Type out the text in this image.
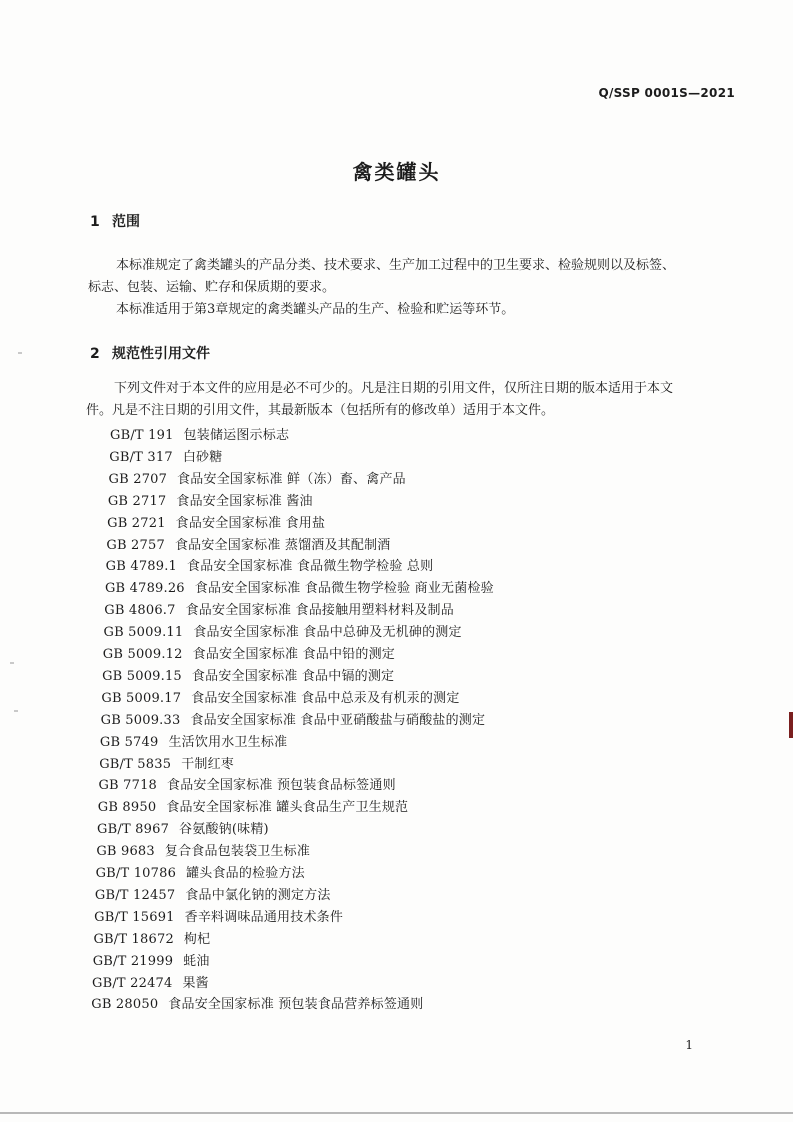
Q/SSP 0001S—2021
禽类罐头
1 范围
本标准规定了禽类罐头的产品分类、技术要求、生产加工过程中的卫生要求、检验规则以及标签、
标志、包装、运输、贮存和保质期的要求。
本标准适用于第3章规定的禽类罐头产品的生产、检验和贮运等环节。
2 规范性引用文件
下列文件对于本文件的应用是必不可少的。凡是注日期的引用文件，仅所注日期的版本适用于本文
件。凡是不注日期的引用文件，其最新版本（包括所有的修改单）适用于本文件。
GB/T 191 包装储运图示标志
GB/T 317 白砂糖
GB 2707 食品安全国家标准 鲜（冻）畜、禽产品
GB 2717 食品安全国家标准 酱油
GB 2721 食品安全国家标准 食用盐
GB 2757 食品安全国家标准 蒸馏酒及其配制酒
GB 4789.1 食品安全国家标准 食品微生物学检验 总则
GB 4789.26 食品安全国家标准 食品微生物学检验 商业无菌检验
GB 4806.7 食品安全国家标准 食品接触用塑料材料及制品
GB 5009.11 食品安全国家标准 食品中总砷及无机砷的测定
GB 5009.12 食品安全国家标准 食品中铅的测定
GB 5009.15 食品安全国家标准 食品中镉的测定
GB 5009.17 食品安全国家标准 食品中总汞及有机汞的测定
GB 5009.33 食品安全国家标准 食品中亚硝酸盐与硝酸盐的测定
GB 5749 生活饮用水卫生标准
GB/T 5835 干制红枣
GB 7718 食品安全国家标准 预包装食品标签通则
GB 8950 食品安全国家标准 罐头食品生产卫生规范
GB/T 8967 谷氨酸钠(味精)
GB 9683 复合食品包装袋卫生标准
GB/T 10786 罐头食品的检验方法
GB/T 12457 食品中氯化钠的测定方法
GB/T 15691 香辛料调味品通用技术条件
GB/T 18672 枸杞
GB/T 21999 蚝油
GB/T 22474 果酱
GB 28050 食品安全国家标准 预包装食品营养标签通则
1
